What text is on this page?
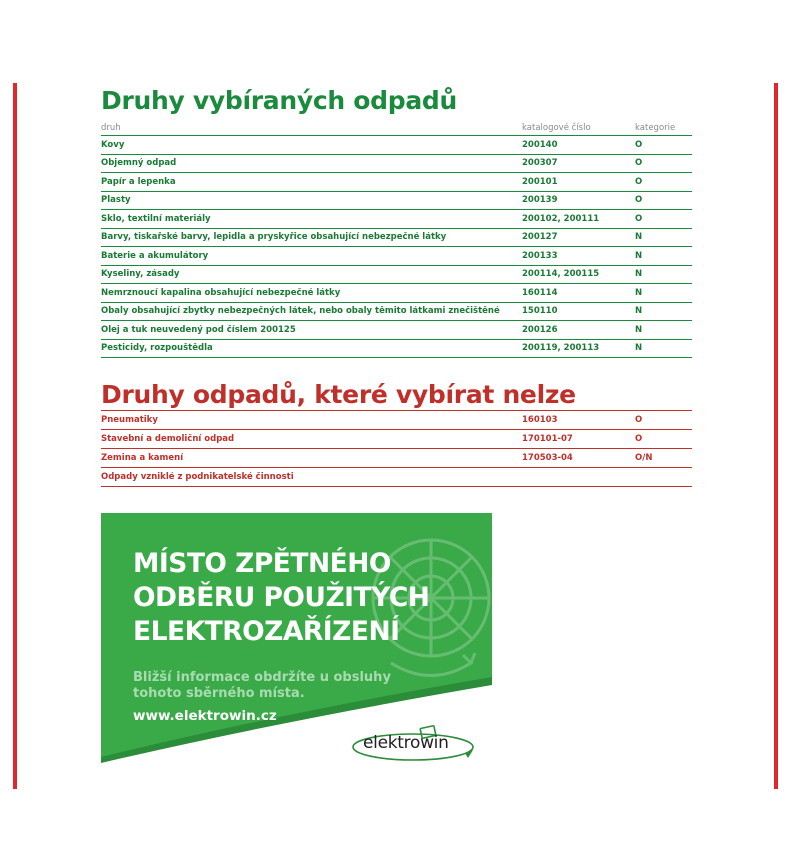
Druhy vybíraných odpadů
druh	katalogové číslo	kategorie
Kovy	200140	O
Objemný odpad	200307	O
Papír a lepenka	200101	O
Plasty	200139	O
Sklo, textilní materiály	200102, 200111	O
Barvy, tiskařské barvy, lepidla a pryskyřice obsahující nebezpečné látky	200127	N
Baterie a akumulátory	200133	N
Kyseliny, zásady	200114, 200115	N
Nemrznoucí kapalina obsahující nebezpečné látky	160114	N
Obaly obsahující zbytky nebezpečných látek, nebo obaly těmito látkami znečištěné	150110	N
Olej a tuk neuvedený pod číslem 200125	200126	N
Pesticidy, rozpouštědla	200119, 200113	N
Druhy odpadů, které vybírat nelze
Pneumatiky	160103	O
Stavební a demoliční odpad	170101-07	O
Zemina a kamení	170503-04	O/N
Odpady vzniklé z podnikatelské činnosti
MÍSTO ZPĚTNÉHO
ODBĚRU POUŽITÝCH
ELEKTROZAŘÍZENÍ
Bližší informace obdržíte u obsluhy
tohoto sběrného místa.
www.elektrowin.cz
elektrowin
